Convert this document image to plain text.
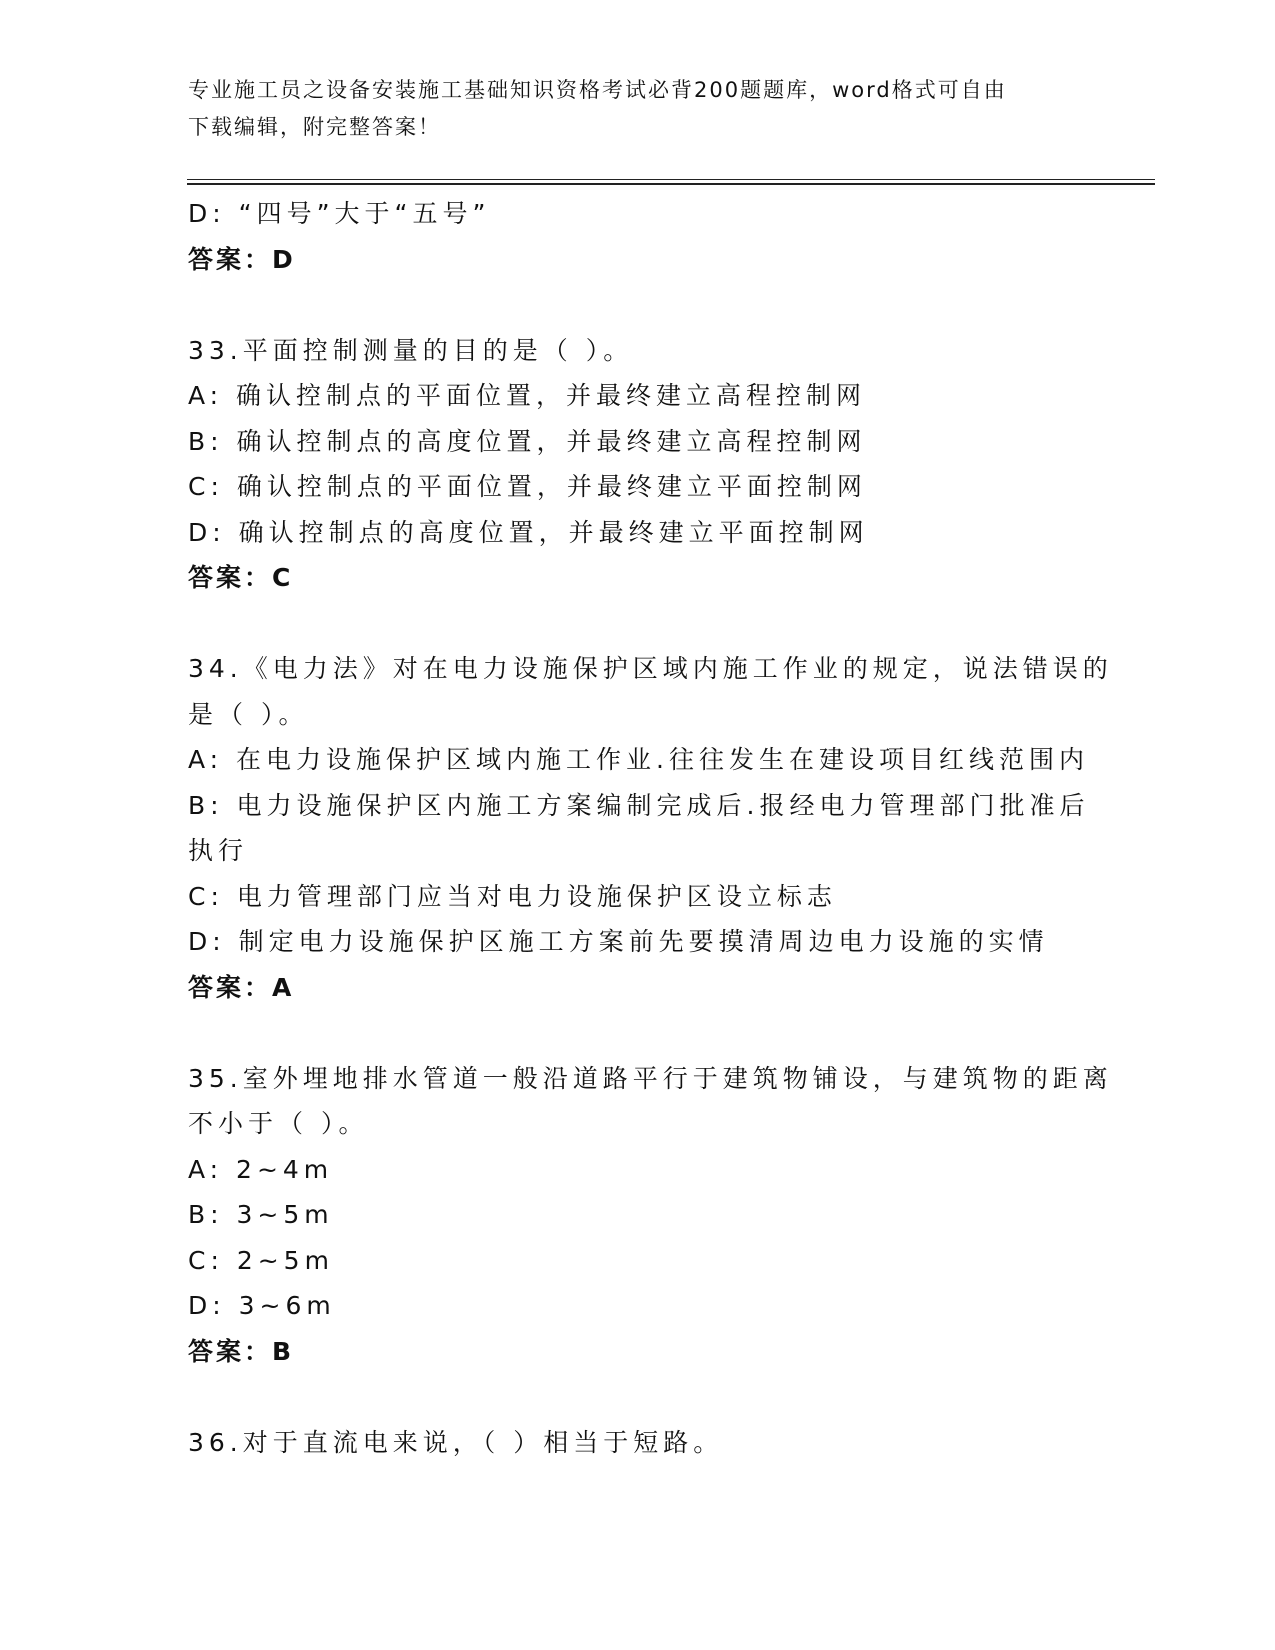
专业施工员之设备安装施工基础知识资格考试必背200题题库，word格式可自由
下载编辑，附完整答案！
D: “四号”大于“五号”
答案：D
33.平面控制测量的目的是（ ）。
A: 确认控制点的平面位置，并最终建立高程控制网
B: 确认控制点的高度位置，并最终建立高程控制网
C: 确认控制点的平面位置，并最终建立平面控制网
D: 确认控制点的高度位置，并最终建立平面控制网
答案：C
34.《电力法》对在电力设施保护区域内施工作业的规定，说法错误的
是（ ）。
A: 在电力设施保护区域内施工作业.往往发生在建设项目红线范围内
B: 电力设施保护区内施工方案编制完成后.报经电力管理部门批准后
执行
C: 电力管理部门应当对电力设施保护区设立标志
D: 制定电力设施保护区施工方案前先要摸清周边电力设施的实情
答案：A
35.室外埋地排水管道一般沿道路平行于建筑物铺设，与建筑物的距离
不小于（ ）。
A: 2~4m
B: 3~5m
C: 2~5m
D: 3~6m
答案：B
36.对于直流电来说，（ ）相当于短路。
